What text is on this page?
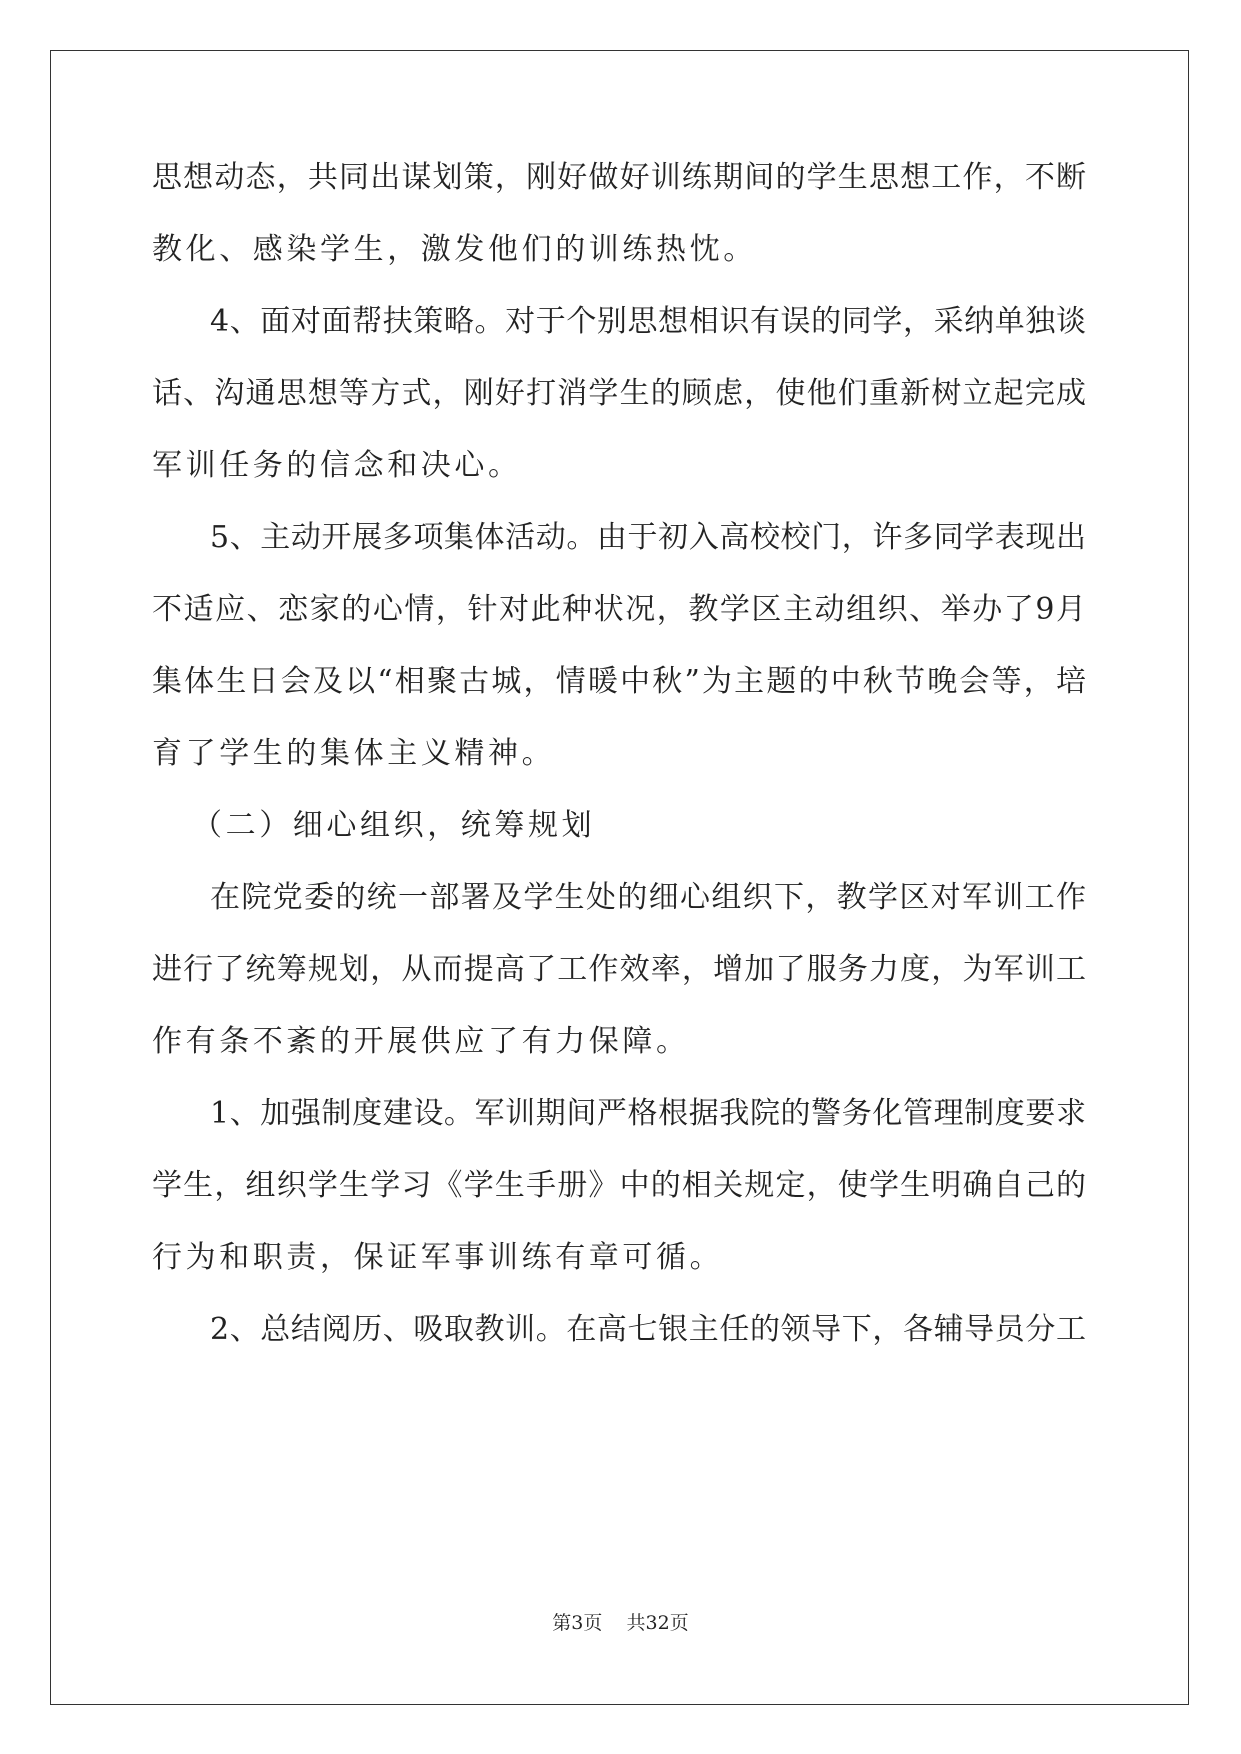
思想动态，共同出谋划策，刚好做好训练期间的学生思想工作，不断
教化、感染学生，激发他们的训练热忱。
4、面对面帮扶策略。对于个别思想相识有误的同学，采纳单独谈
话、沟通思想等方式，刚好打消学生的顾虑，使他们重新树立起完成
军训任务的信念和决心。
5、主动开展多项集体活动。由于初入高校校门，许多同学表现出
不适应、恋家的心情，针对此种状况，教学区主动组织、举办了9月
集体生日会及以“相聚古城，情暖中秋”为主题的中秋节晚会等，培
育了学生的集体主义精神。
（二）细心组织，统筹规划
在院党委的统一部署及学生处的细心组织下，教学区对军训工作
进行了统筹规划，从而提高了工作效率，增加了服务力度，为军训工
作有条不紊的开展供应了有力保障。
1、加强制度建设。军训期间严格根据我院的警务化管理制度要求
学生，组织学生学习《学生手册》中的相关规定，使学生明确自己的
行为和职责，保证军事训练有章可循。
2、总结阅历、吸取教训。在高七银主任的领导下，各辅导员分工
第3页    共32页
